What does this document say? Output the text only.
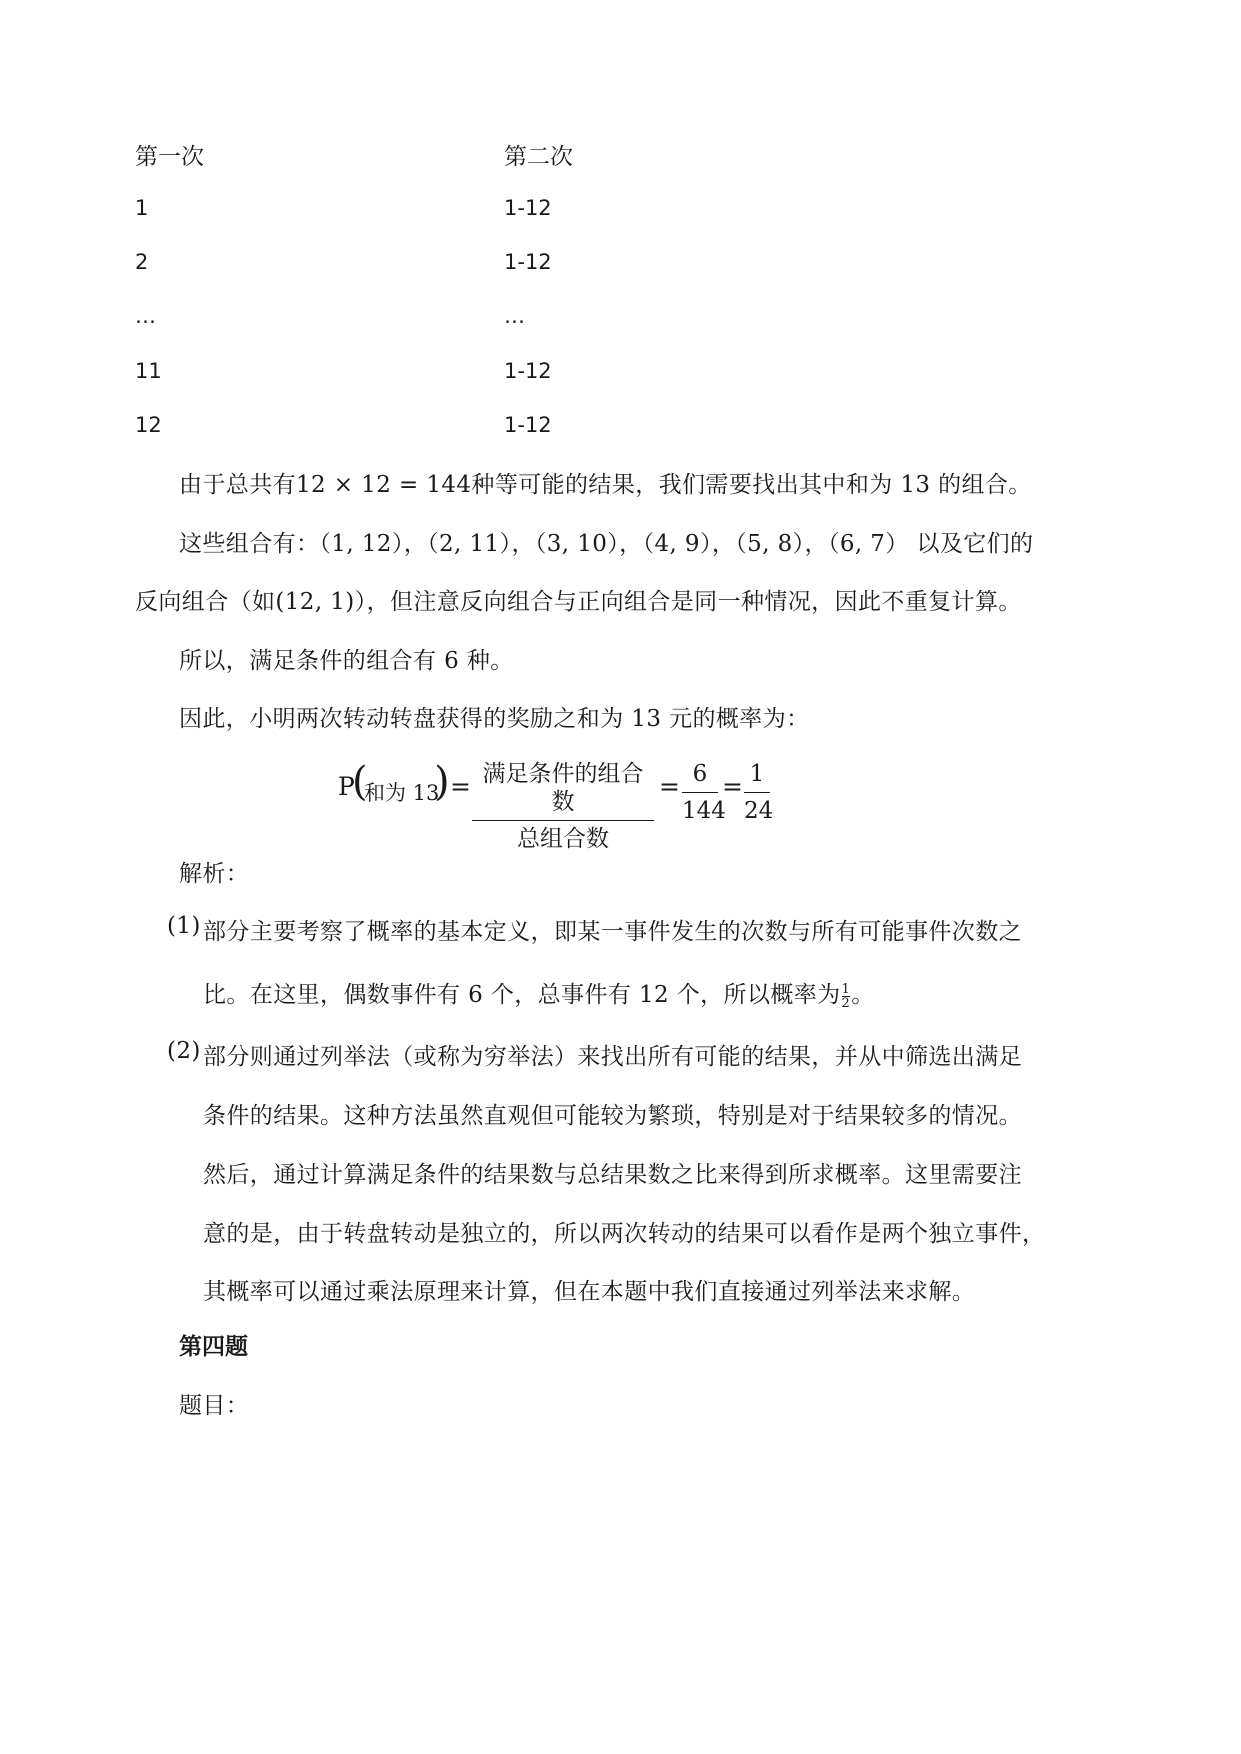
第一次	第二次
1	1-12
2	1-12
…	…
11	1-12
12	1-12
由于总共有12 × 12 = 144种等可能的结果，我们需要找出其中和为 13 的组合。
这些组合有：（1, 12），（2, 11），（3, 10），（4, 9），（5, 8），（6, 7） 以及它们的
反向组合（如(12, 1)），但注意反向组合与正向组合是同一种情况，因此不重复计算。
所以，满足条件的组合有 6 种。
因此，小明两次转动转盘获得的奖励之和为 13 元的概率为：
P
(
和为 13
) = 满足条件的组合数
总组合数
= 6
144
= 1
24
解析：
(1) 部分主要考察了概率的基本定义，即某一事件发生的次数与所有可能事件次数之
比。在这里，偶数事件有 6 个，总事件有 12 个，所以概率为$\frac{1}{2}$。
(2) 部分则通过列举法（或称为穷举法）来找出所有可能的结果，并从中筛选出满足
条件的结果。这种方法虽然直观但可能较为繁琐，特别是对于结果较多的情况。
然后，通过计算满足条件的结果数与总结果数之比来得到所求概率。这里需要注
意的是，由于转盘转动是独立的，所以两次转动的结果可以看作是两个独立事件，
其概率可以通过乘法原理来计算，但在本题中我们直接通过列举法来求解。
第四题
题目：
